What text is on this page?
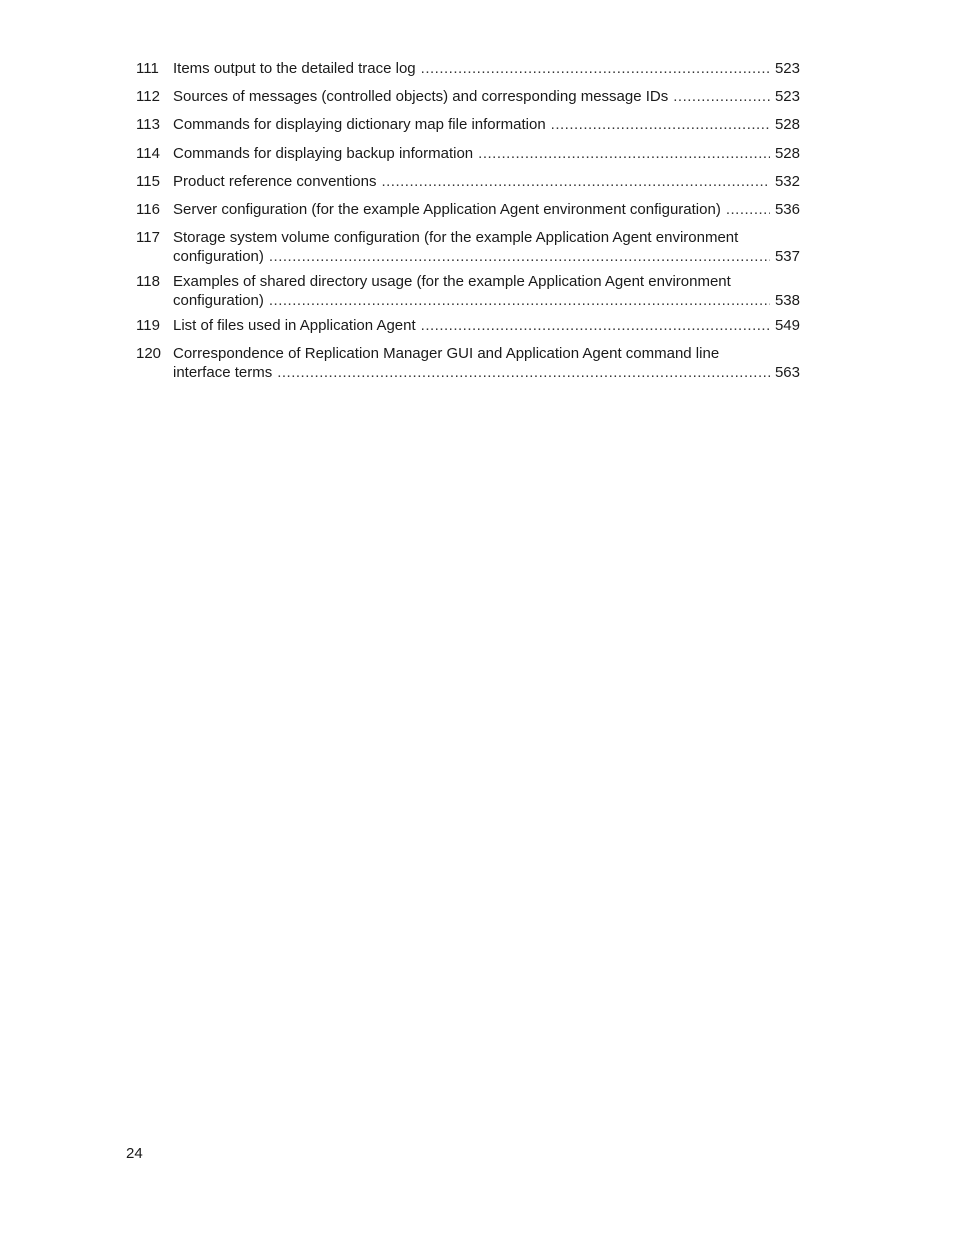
111 Items output to the detailed trace log .....	523
112 Sources of messages (controlled objects) and corresponding message IDs .....	523
113 Commands for displaying dictionary map file information .....	528
114 Commands for displaying backup information .....	528
115 Product reference conventions .....	532
116 Server configuration (for the example Application Agent environment configuration) .....	536
117 Storage system volume configuration (for the example Application Agent environment
configuration) .....	537
118 Examples of shared directory usage (for the example Application Agent environment
configuration) .....	538
119 List of files used in Application Agent .....	549
120 Correspondence of Replication Manager GUI and Application Agent command line
interface terms .....	563
24
